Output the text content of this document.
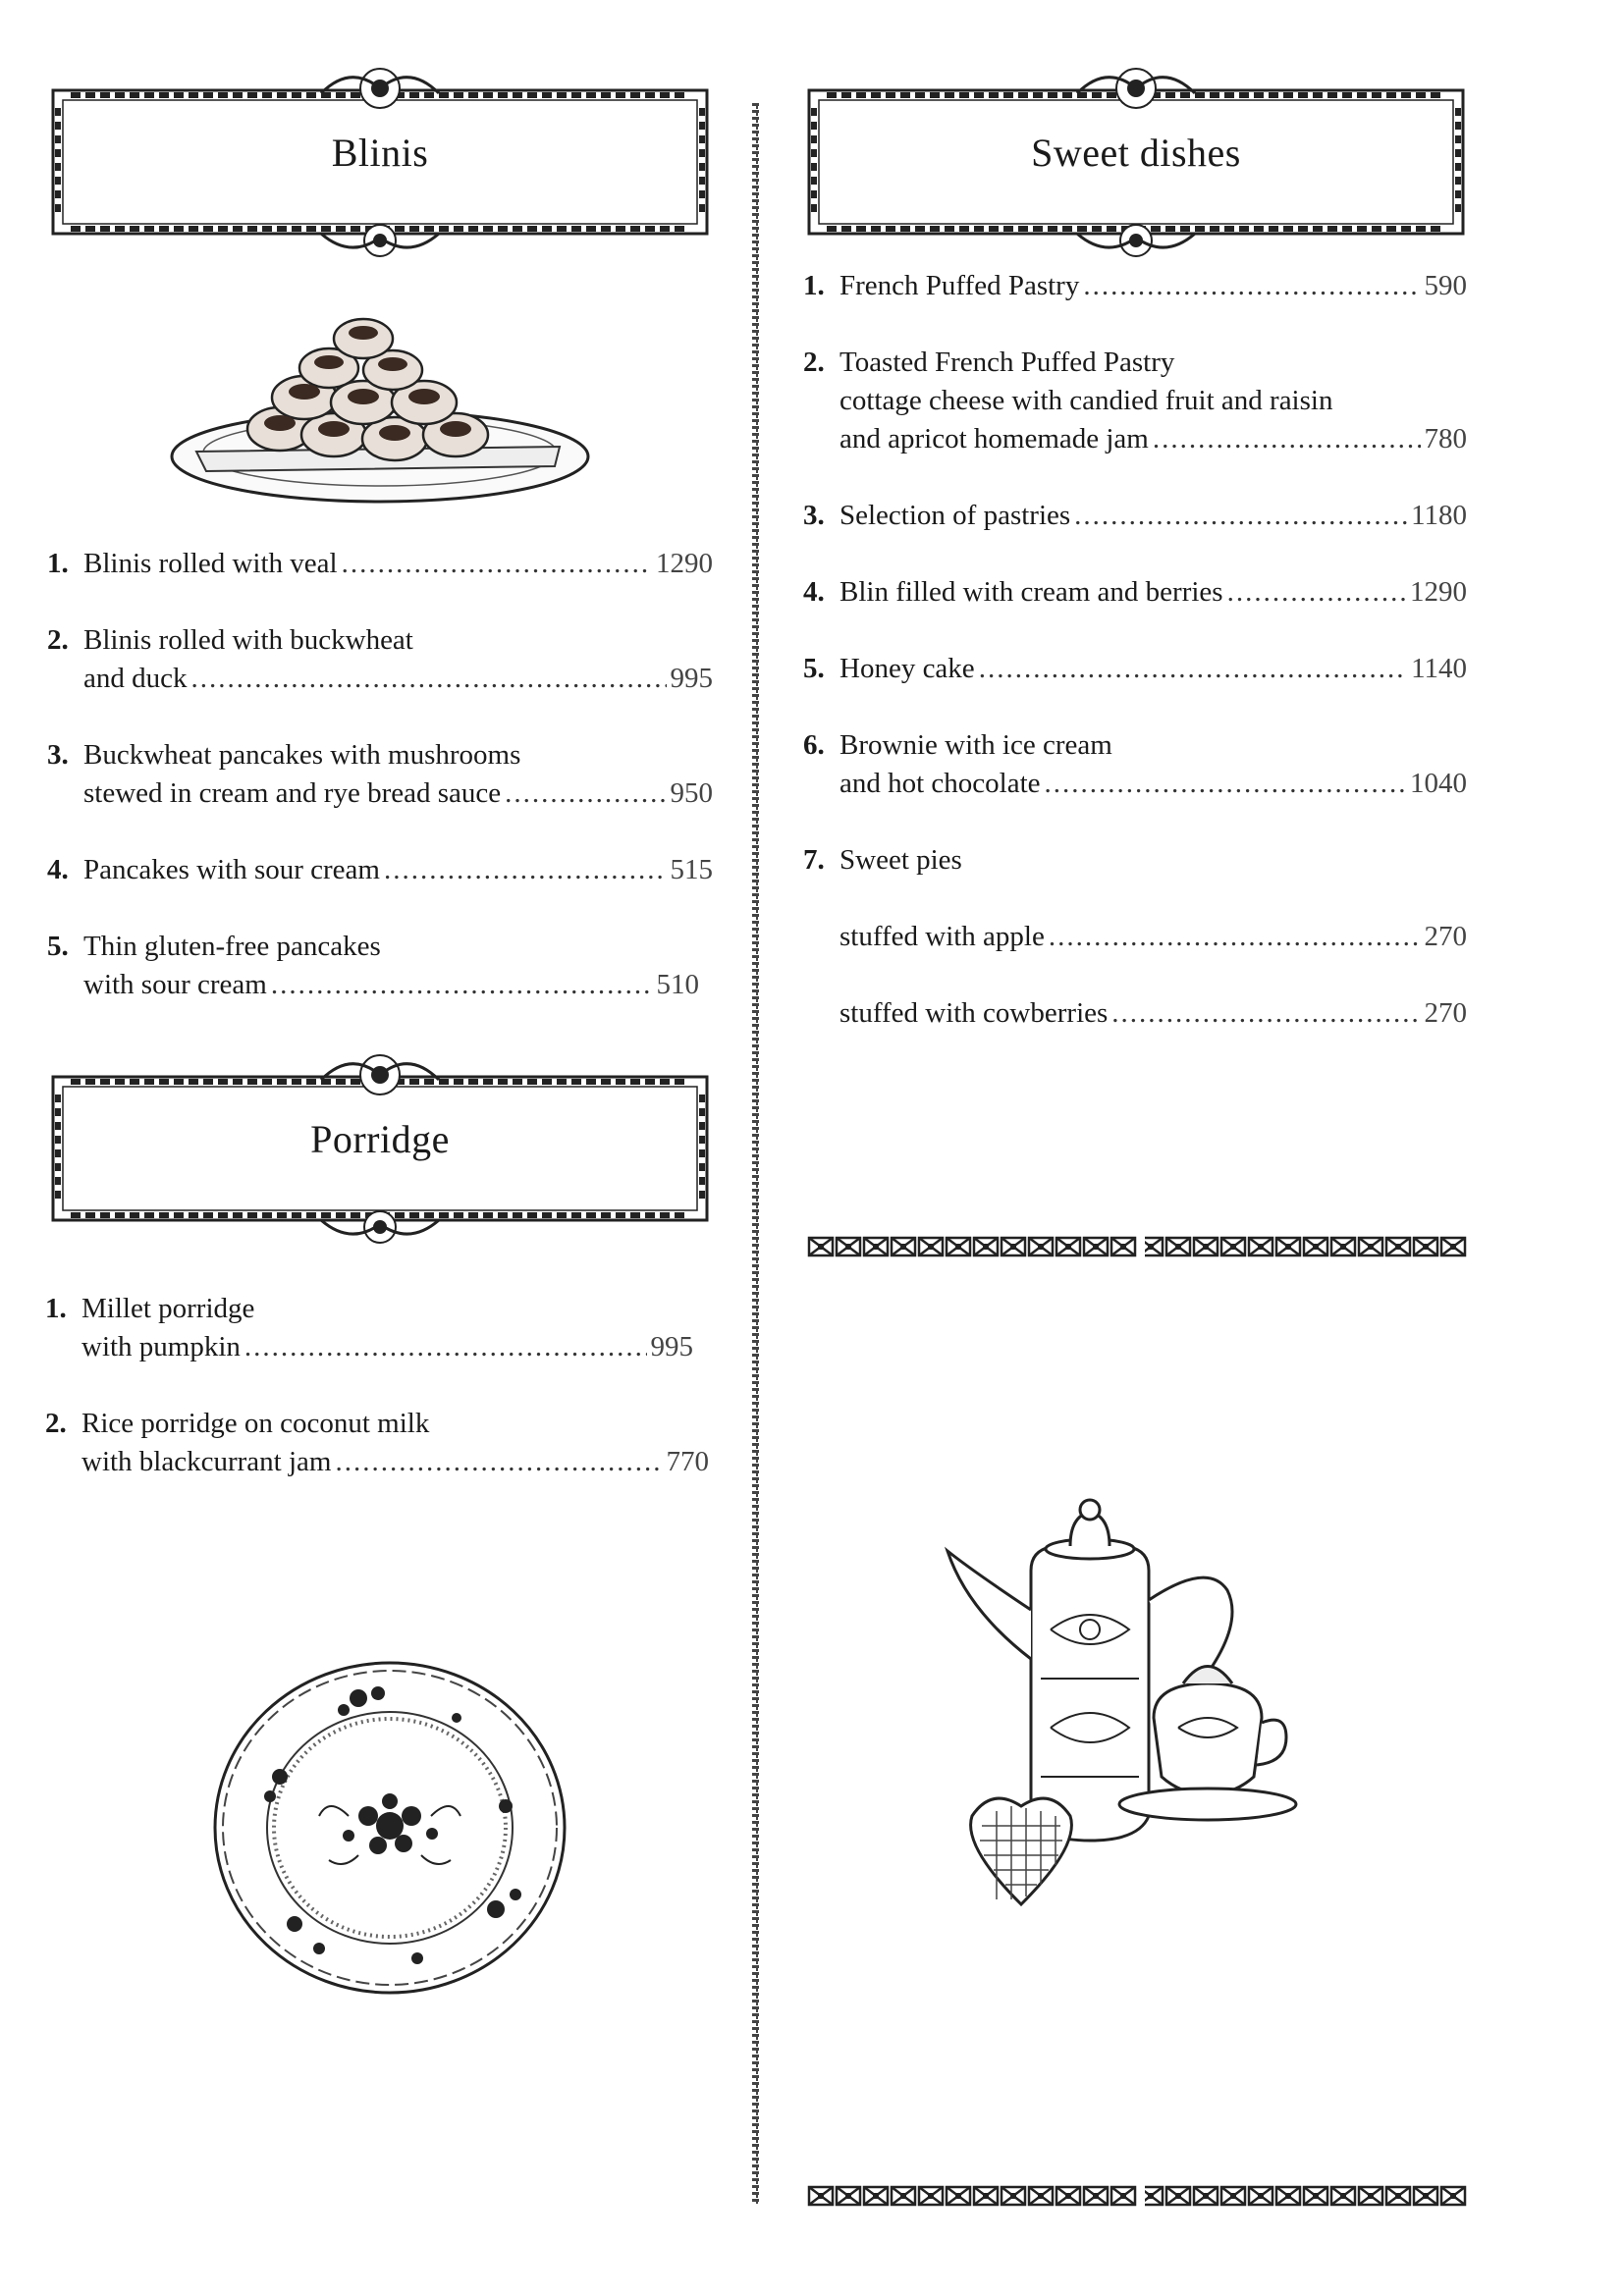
Blinis
1. Blinis rolled with veal .....	1290
2. Blinis rolled with buckwheat
and duck .....	995
3. Buckwheat pancakes with mushrooms
stewed in cream and rye bread sauce .....	950
4. Pancakes with sour cream .....	515
5. Thin gluten-free pancakes
with sour cream .....	510
Porridge
1. Millet porridge
with pumpkin .....	995
2. Rice porridge on coconut milk
with blackcurrant jam .....	770
Sweet dishes
1. French Puffed Pastry .....	590
2. Toasted French Puffed Pastry
cottage cheese with candied fruit and raisin
and apricot homemade jam .....	780
3. Selection of pastries .....	1180
4. Blin filled with cream and berries .....	1290
5. Honey cake .....	1140
6. Brownie with ice cream
and hot chocolate .....	1040
7. Sweet pies
stuffed with apple .....	270
stuffed with cowberries .....	270
